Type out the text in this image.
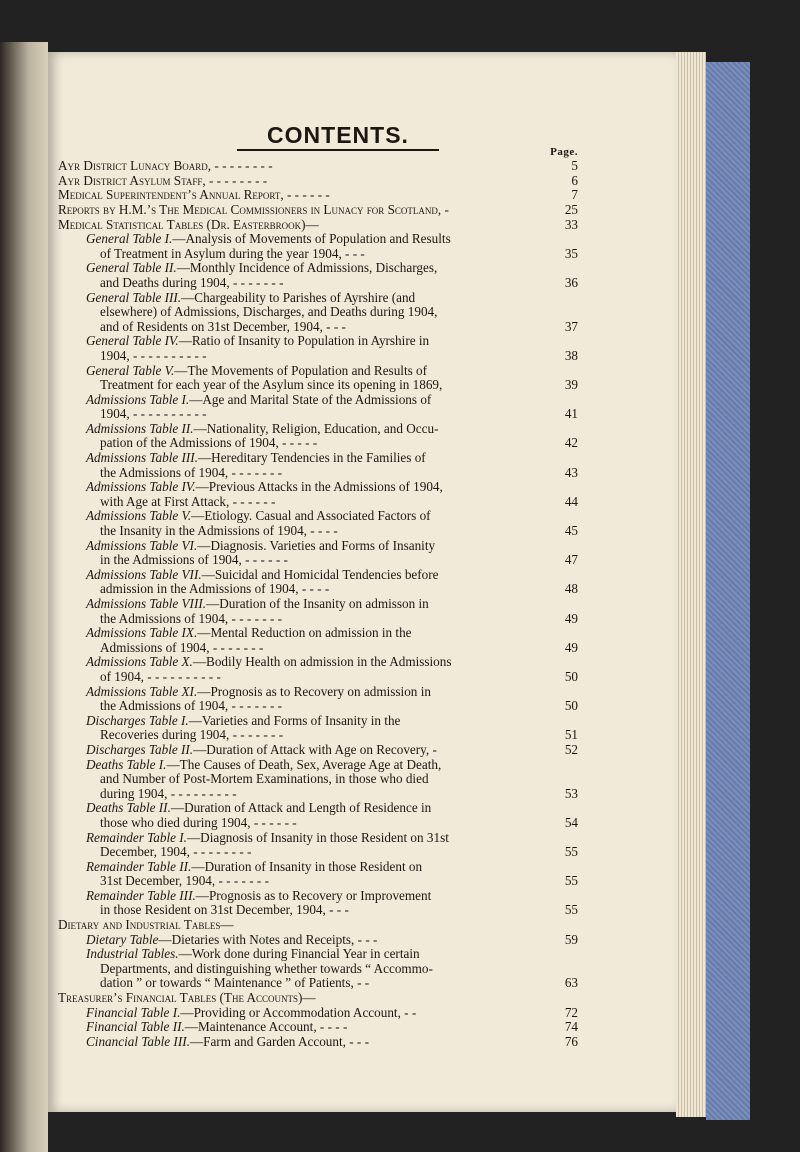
CONTENTS.
Page.
Ayr District Lunacy Board, - - - - - - - -	5
Ayr District Asylum Staff, - - - - - - - -	6
Medical Superintendent’s Annual Report, - - - - - -	7
Reports by H.M.’s The Medical Commissioners in Lunacy for Scotland, -	25
Medical Statistical Tables (Dr. Easterbrook)—	33
General Table I.—Analysis of Movements of Population and Results
of Treatment in Asylum during the year 1904, - - -	35
General Table II.—Monthly Incidence of Admissions, Discharges,
and Deaths during 1904, - - - - - - -	36
General Table III.—Chargeability to Parishes of Ayrshire (and
elsewhere) of Admissions, Discharges, and Deaths during 1904,
and of Residents on 31st December, 1904, - - -	37
General Table IV.—Ratio of Insanity to Population in Ayrshire in
1904, - - - - - - - - - -	38
General Table V.—The Movements of Population and Results of
Treatment for each year of the Asylum since its opening in 1869,	39
Admissions Table I.—Age and Marital State of the Admissions of
1904, - - - - - - - - - -	41
Admissions Table II.—Nationality, Religion, Education, and Occu-
pation of the Admissions of 1904, - - - - -	42
Admissions Table III.—Hereditary Tendencies in the Families of
the Admissions of 1904, - - - - - - -	43
Admissions Table IV.—Previous Attacks in the Admissions of 1904,
with Age at First Attack, - - - - - -	44
Admissions Table V.—Etiology. Casual and Associated Factors of
the Insanity in the Admissions of 1904, - - - -	45
Admissions Table VI.—Diagnosis. Varieties and Forms of Insanity
in the Admissions of 1904, - - - - - -	47
Admissions Table VII.—Suicidal and Homicidal Tendencies before
admission in the Admissions of 1904, - - - -	48
Admissions Table VIII.—Duration of the Insanity on admisson in
the Admissions of 1904, - - - - - - -	49
Admissions Table IX.—Mental Reduction on admission in the
Admissions of 1904, - - - - - - -	49
Admissions Table X.—Bodily Health on admission in the Admissions
of 1904, - - - - - - - - - -	50
Admissions Table XI.—Prognosis as to Recovery on admission in
the Admissions of 1904, - - - - - - -	50
Discharges Table I.—Varieties and Forms of Insanity in the
Recoveries during 1904, - - - - - - -	51
Discharges Table II.—Duration of Attack with Age on Recovery, -	52
Deaths Table I.—The Causes of Death, Sex, Average Age at Death,
and Number of Post-Mortem Examinations, in those who died
during 1904, - - - - - - - - -	53
Deaths Table II.—Duration of Attack and Length of Residence in
those who died during 1904, - - - - - -	54
Remainder Table I.—Diagnosis of Insanity in those Resident on 31st
December, 1904, - - - - - - - -	55
Remainder Table II.—Duration of Insanity in those Resident on
31st December, 1904, - - - - - - -	55
Remainder Table III.—Prognosis as to Recovery or Improvement
in those Resident on 31st December, 1904, - - -	55
Dietary and Industrial Tables—
Dietary Table—Dietaries with Notes and Receipts, - - -	59
Industrial Tables.—Work done during Financial Year in certain
Departments, and distinguishing whether towards “ Accommo-
dation ” or towards “ Maintenance ” of Patients, - -	63
Treasurer’s Financial Tables (The Accounts)—
Financial Table I.—Providing or Accommodation Account, - -	72
Financial Table II.—Maintenance Account, - - - -	74
Cinancial Table III.—Farm and Garden Account, - - -	76
